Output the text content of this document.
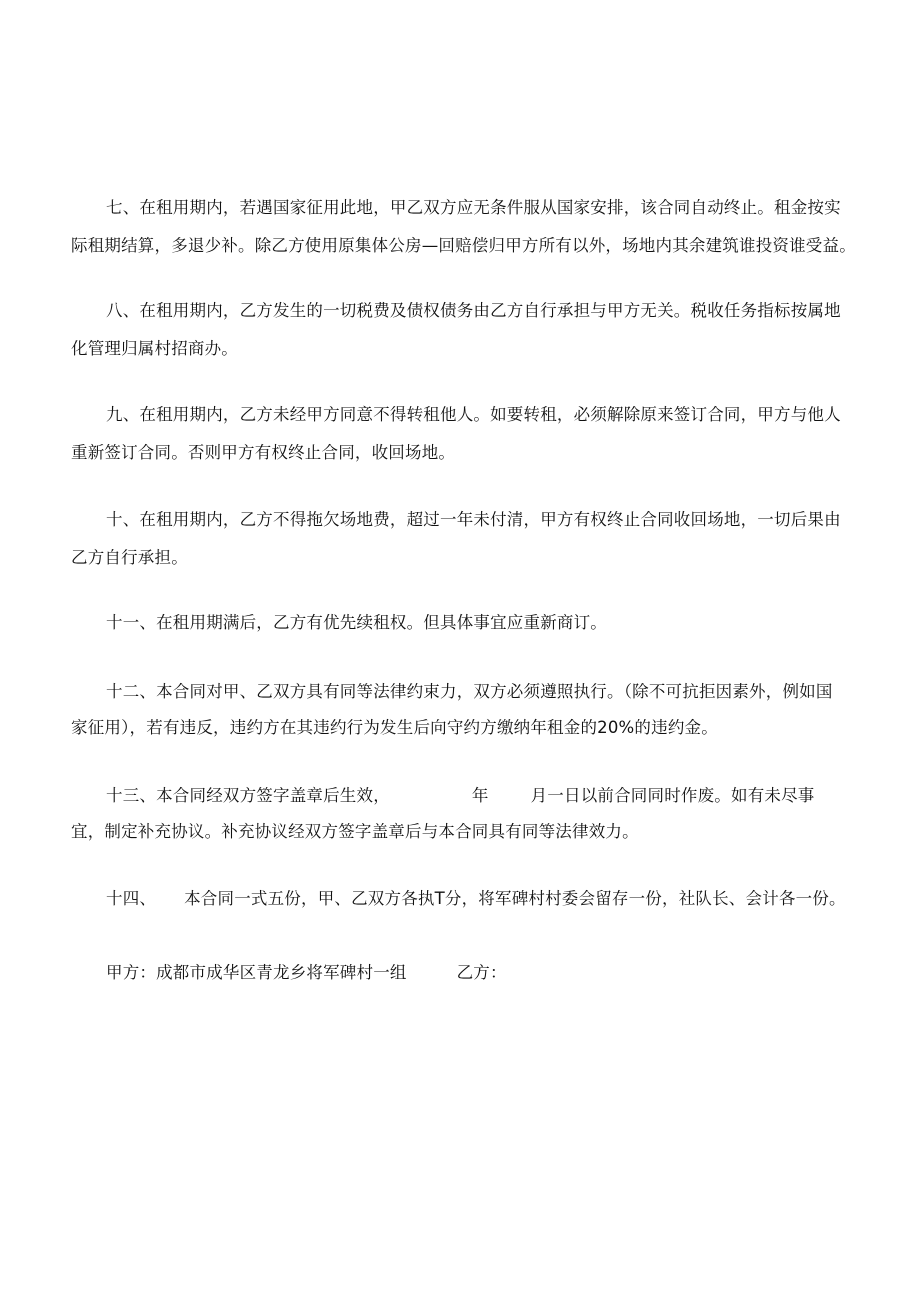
七、在租用期内，若遇国家征用此地，甲乙双方应无条件服从国家安排，该合同自动终止。租金按实
际租期结算，多退少补。除乙方使用原集体公房—回赔偿归甲方所有以外，场地内其余建筑谁投资谁受益。
八、在租用期内，乙方发生的一切税费及债权债务由乙方自行承担与甲方无关。税收任务指标按属地
化管理归属村招商办。
九、在租用期内，乙方未经甲方同意不得转租他人。如要转租，必须解除原来签订合同，甲方与他人
重新签订合同。否则甲方有权终止合同，收回场地。
十、在租用期内，乙方不得拖欠场地费，超过一年未付清，甲方有权终止合同收回场地，一切后果由
乙方自行承担。
十一、在租用期满后，乙方有优先续租权。但具体事宜应重新商订。
十二、本合同对甲、乙双方具有同等法律约束力，双方必须遵照执行。（除不可抗拒因素外，例如国
家征用），若有违反，违约方在其违约行为发生后向守约方缴纳年租金的20%的违约金。
十三、本合同经双方签字盖章后生效，	年	月一日以前合同同时作废。如有未尽事
宜，制定补充协议。补充协议经双方签字盖章后与本合同具有同等法律效力。
十四、 本合同一式五份，甲、乙双方各执T分，将军碑村村委会留存一份，社队长、会计各一份。
甲方：成都市成华区青龙乡将军碑村一组	乙方：
